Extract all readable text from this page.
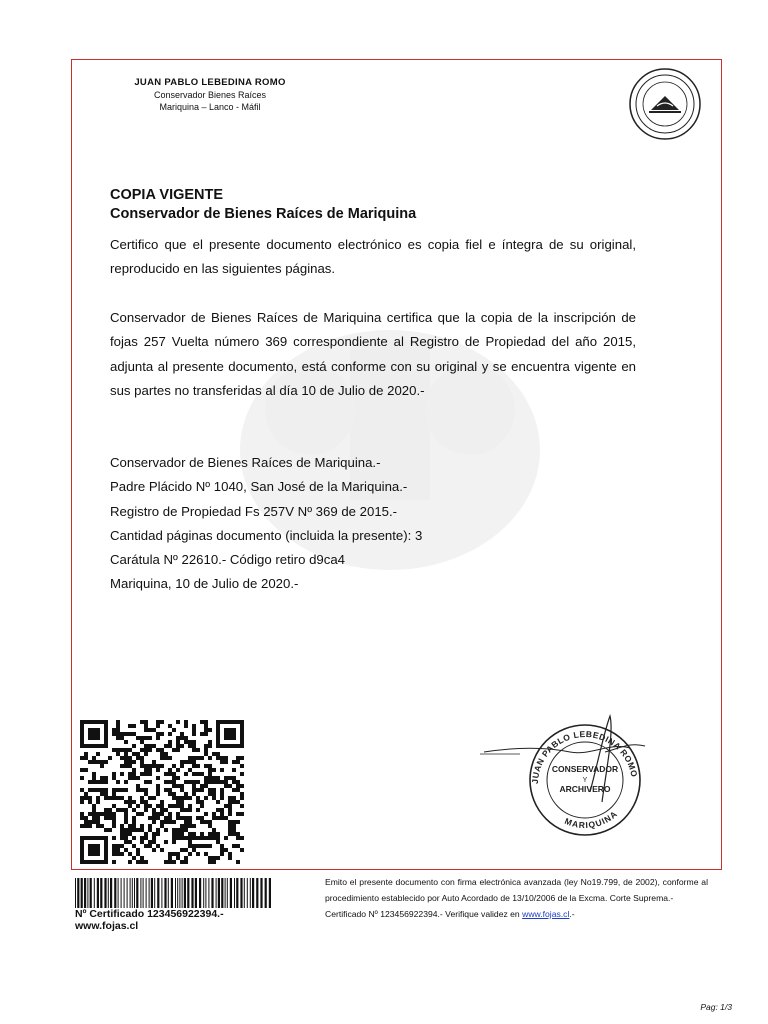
JUAN PABLO LEBEDINA ROMO
Conservador Bienes Raíces
Mariquina – Lanco - Máfil
COPIA VIGENTE
Conservador de Bienes Raíces de Mariquina
Certifico que el presente documento electrónico es copia fiel e íntegra de su original, reproducido en las siguientes páginas.
Conservador de Bienes Raíces de Mariquina certifica que la copia de la inscripción de fojas 257 Vuelta número 369 correspondiente al Registro de Propiedad del año 2015, adjunta al presente documento, está conforme con su original y se encuentra vigente en sus partes no transferidas al día 10 de Julio de 2020.-
Conservador de Bienes Raíces de Mariquina.-
Padre Plácido Nº 1040, San José de la Mariquina.-
Registro de Propiedad Fs 257V Nº 369 de 2015.-
Cantidad páginas documento (incluida la presente): 3
Carátula Nº 22610.- Código retiro d9ca4
Mariquina, 10 de Julio de 2020.-
JUAN PABLO LEBEDINA ROMO
MARIQUINA
CONSERVADOR
Y
ARCHIVERO
Nº Certificado 123456922394.-
www.fojas.cl
Emito el presente documento con firma electrónica avanzada (ley No19.799, de 2002), conforme al procedimiento establecido por Auto Acordado de 13/10/2006 de la Excma. Corte Suprema.-
Certificado Nº 123456922394.- Verifique validez en www.fojas.cl.-
Pag: 1/3
